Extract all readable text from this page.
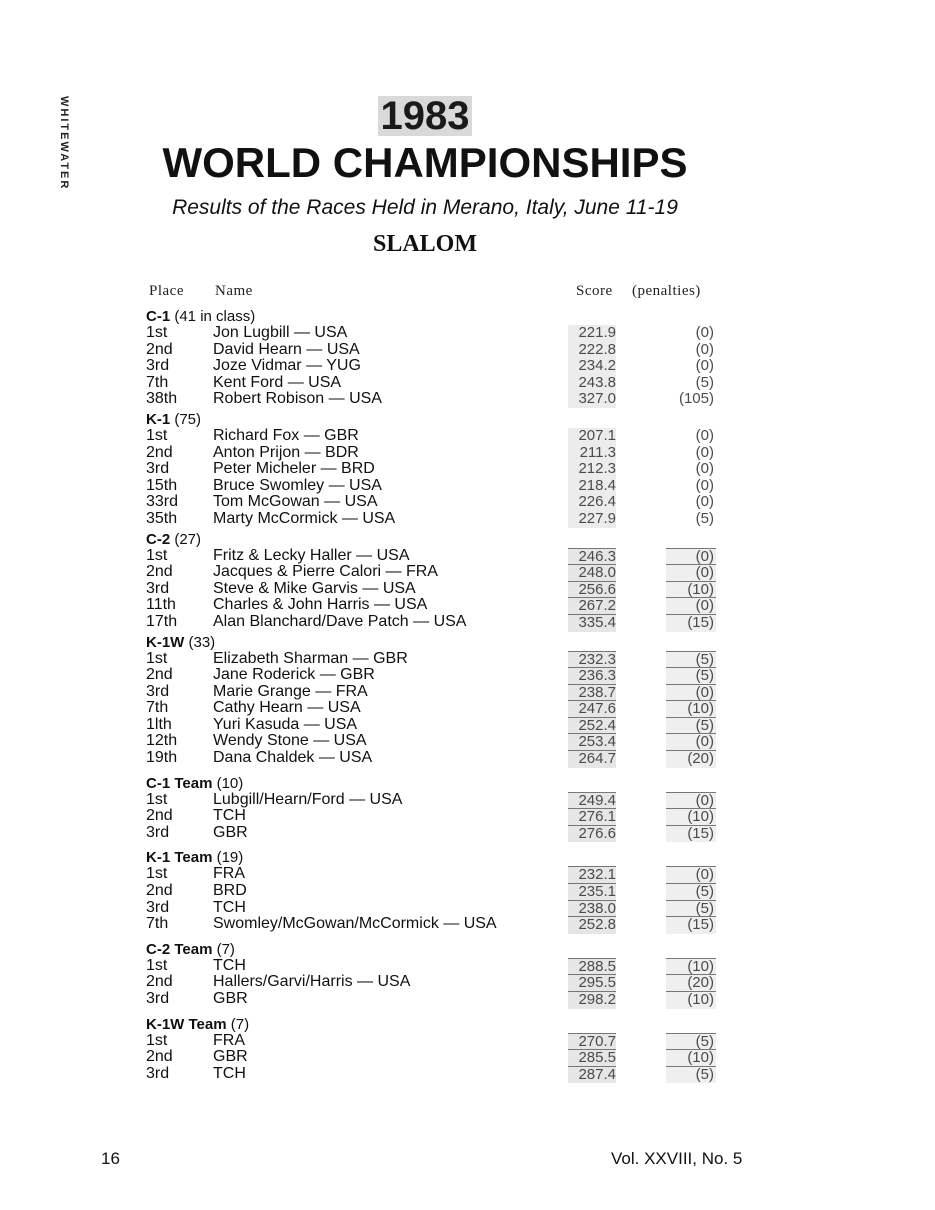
WHITEWATER	1983
WORLD CHAMPIONSHIPS
Results of the Races Held in Merano, Italy, June 11-19
SLALOM
Place Name	Score (penalties)
C-1 (41 in class)
1st	Jon Lugbill — USA	221.9	(0)
2nd	David Hearn — USA	222.8	(0)
3rd	Joze Vidmar — YUG	234.2	(0)
7th	Kent Ford — USA	243.8	(5)
38th	Robert Robison — USA	327.0	(105)
K-1 (75)
1st	Richard Fox — GBR	207.1	(0)
2nd	Anton Prijon — BDR	211.3	(0)
3rd	Peter Micheler — BRD	212.3	(0)
15th	Bruce Swomley — USA	218.4	(0)
33rd	Tom McGowan — USA	226.4	(0)
35th	Marty McCormick — USA	227.9	(5)
C-2 (27)
1st	Fritz & Lecky Haller — USA	246.3	(0)
2nd	Jacques & Pierre Calori — FRA	248.0	(0)
3rd	Steve & Mike Garvis — USA	256.6	(10)
11th	Charles & John Harris — USA	267.2	(0)
17th	Alan Blanchard/Dave Patch — USA	335.4	(15)
K-1W (33)
1st	Elizabeth Sharman — GBR	232.3	(5)
2nd	Jane Roderick — GBR	236.3	(5)
3rd	Marie Grange — FRA	238.7	(0)
7th	Cathy Hearn — USA	247.6	(10)
1lth	Yuri Kasuda — USA	252.4	(5)
12th	Wendy Stone — USA	253.4	(0)
19th	Dana Chaldek — USA	264.7	(20)
C-1 Team (10)
1st	Lubgill/Hearn/Ford — USA	249.4	(0)
2nd	TCH	276.1	(10)
3rd	GBR	276.6	(15)
K-1 Team (19)
1st	FRA	232.1	(0)
2nd	BRD	235.1	(5)
3rd	TCH	238.0	(5)
7th	Swomley/McGowan/McCormick — USA	252.8	(15)
C-2 Team (7)
1st	TCH	288.5	(10)
2nd	Hallers/Garvi/Harris — USA	295.5	(20)
3rd	GBR	298.2	(10)
K-1W Team (7)
1st	FRA	270.7	(5)
2nd	GBR	285.5	(10)
3rd	TCH	287.4	(5)
16	Vol. XXVIII, No. 5
